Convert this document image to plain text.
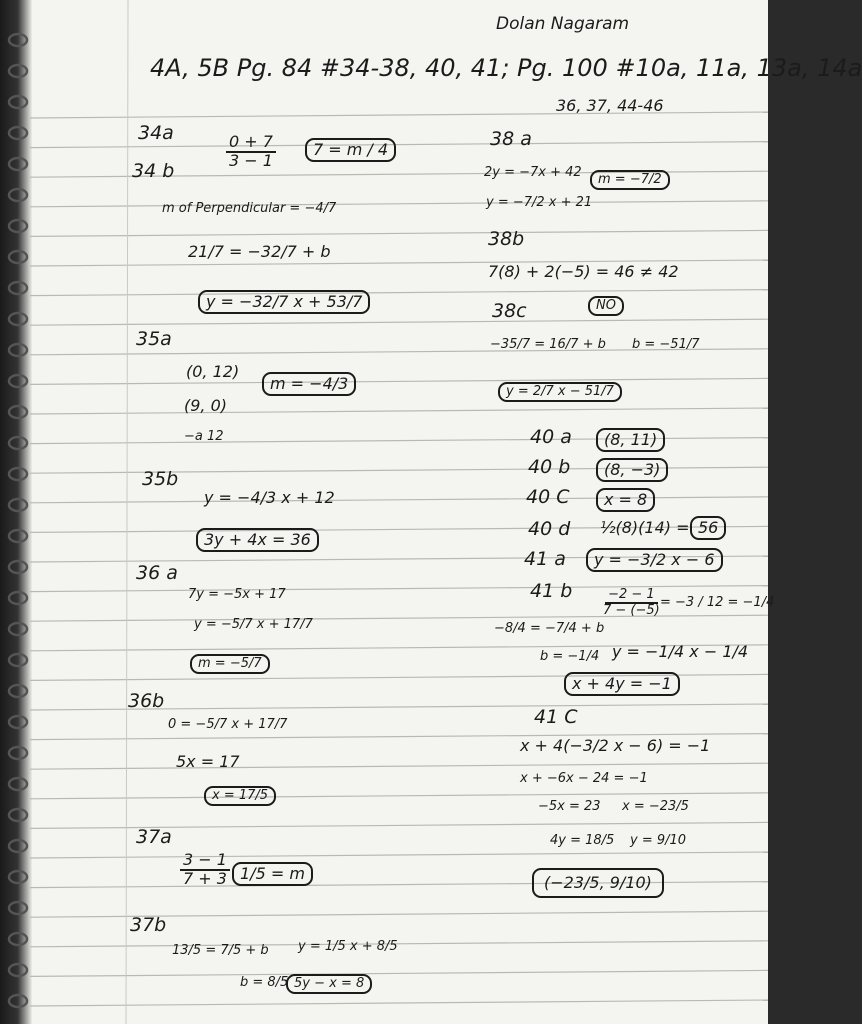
Dolan Nagaram
4A, 5B Pg. 84 #34-38, 40, 41; Pg. 100 #10a, 11a, 13a, 14a
36, 37, 44-46
34a
$\frac{0 + 7}{3 - 1}$	7 = m / 4
34 b
m of Perpendicular = −4/7
21/7 = −32/7 + b
y = −32/7 x + 53/7
35a
(0, 12)
(9, 0)
−a 12
m = −4/3
35b
y = −4/3 x + 12
3y + 4x = 36
36 a
7y = −5x + 17
y = −5/7 x + 17/7
m = −5/7
36b
0 = −5/7 x + 17/7
5x = 17
x = 17/5
37a
$\frac{3 - 1}{7 + 3} 1/5 = m$
37b
13/5 = 7/5 + b y = 1/5 x + 8/5
b = 8/5 5y − x = 8
38 a
2y = −7x + 42	m = −7/2
y = −7/2 x + 21
38b
7(8) + 2(−5) = 46 ≠ 42
38c	NO
−35/7 = 16/7 + b b = −51/7
y = 2/7 x − 51/7
40 a	(8, 11)
40 b	(8, −3)
40 C	x = 8
40 d ½(8)(14) = 56
41 a	y = −3/2 x − 6
41 b $\frac{-2 - 1}{7 - (-5)}$
= −3 / 12 = −1/4
−8/4 = −7/4 + b
b = −1/4 y = −1/4 x − 1/4
x + 4y = −1
41 C
x + 4(−3/2 x − 6) = −1
x + −6x − 24 = −1
−5x = 23 x = −23/5
4y = 18/5 y = 9/10
(−23/5, 9/10)
